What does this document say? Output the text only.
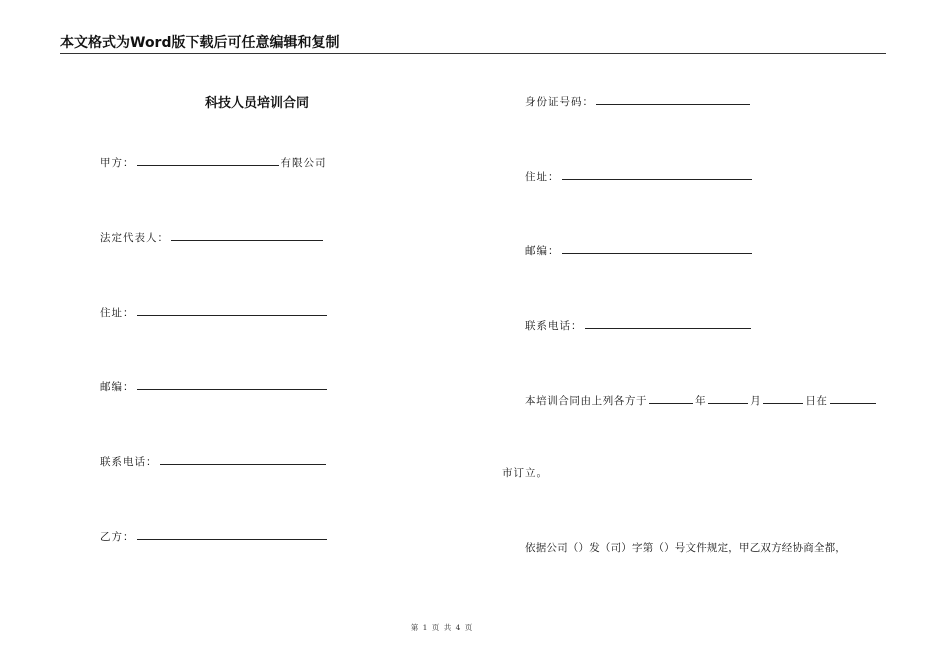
本文格式为Word版下载后可任意编辑和复制
科技人员培训合同
甲方：	有限公司
法定代表人：
住址：
邮编：
联系电话：
乙方：
身份证号码：
住址：
邮编：
联系电话：
本培训合同由上列各方于	年	月	日在
市订立。
依据公司（）发（司）字第（）号文件规定，甲乙双方经协商全都，
第 1 页 共 4 页
